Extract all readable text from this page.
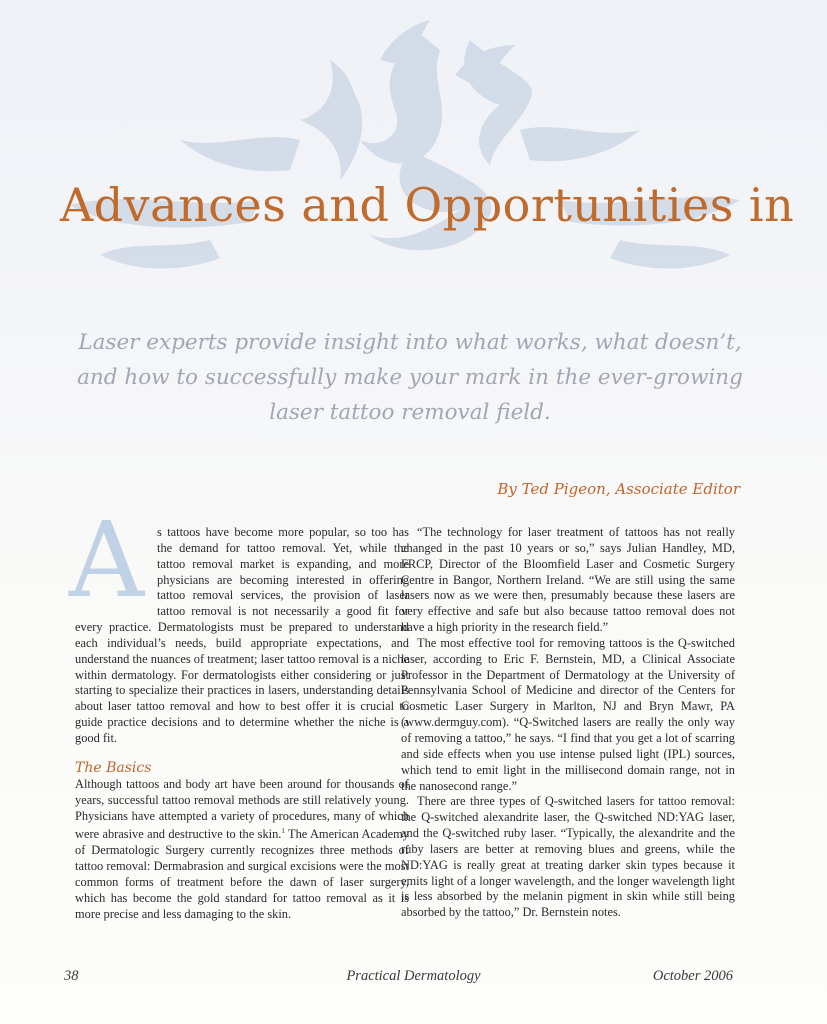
Advances and Opportunities in
Laser experts provide insight into what works, what doesn’t, and how to successfully make your mark in the ever-growing laser tattoo removal field.
By Ted Pigeon, Associate Editor
A	s tattoos have become more popular, so too has the demand for tattoo removal. Yet, while the tattoo removal market is expanding, and more physicians are becoming interested in offering tattoo removal services, the provision of laser tattoo removal is not necessarily a good fit for every practice. Dermatologists must be prepared to understand each individual’s needs, build appropriate expectations, and understand the nuances of treatment; laser tattoo removal is a niche within dermatology. For dermatologists either considering or just starting to specialize their practices in lasers, understanding details about laser tattoo removal and how to best offer it is crucial to guide practice decisions and to determine whether the niche is a good fit.

The Basics

Although tattoos and body art have been around for thousands of years, successful tattoo removal methods are still relatively young. Physicians have attempted a variety of procedures, many of which were abrasive and destructive to the skin.$^1$ The American Academy of Dermatologic Surgery currently recognizes three methods of tattoo removal: Dermabrasion and surgical excisions were the most common forms of treatment before the dawn of laser surgery, which has become the gold standard for tattoo removal as it is more precise and less damaging to the skin.

“The technology for laser treatment of tattoos has not really changed in the past 10 years or so,” says Julian Handley, MD, FRCP, Director of the Bloomfield Laser and Cosmetic Surgery Centre in Bangor, Northern Ireland. “We are still using the same lasers now as we were then, presumably because these lasers are very effective and safe but also because tattoo removal does not have a high priority in the research field.”

The most effective tool for removing tattoos is the Q-switched laser, according to Eric F. Bernstein, MD, a Clinical Associate Professor in the Department of Dermatology at the University of Pennsylvania School of Medicine and director of the Centers for Cosmetic Laser Surgery in Marlton, NJ and Bryn Mawr, PA (www.dermguy.com). “Q-Switched lasers are really the only way of removing a tattoo,” he says. “I find that you get a lot of scarring and side effects when you use intense pulsed light (IPL) sources, which tend to emit light in the millisecond domain range, not in the nanosecond range.”

There are three types of Q-switched lasers for tattoo removal: the Q-switched alexandrite laser, the Q-switched ND:YAG laser, and the Q-switched ruby laser. “Typically, the alexandrite and the ruby lasers are better at removing blues and greens, while the ND:YAG is really great at treating darker skin types because it emits light of a longer wavelength, and the longer wavelength light is less absorbed by the melanin pigment in skin while still being absorbed by the tattoo,” Dr. Bernstein notes.

38	Practical Dermatology	October 2006
